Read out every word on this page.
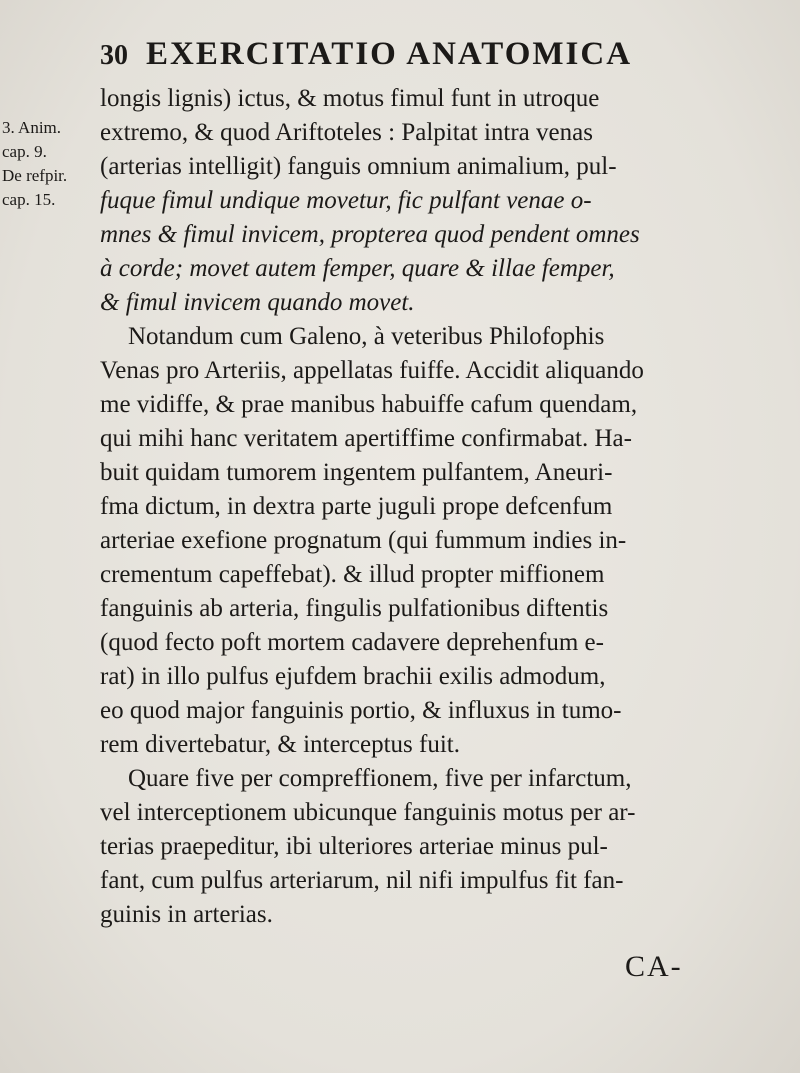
30 EXERCITATIO ANATOMICA
3. Anim.
cap. 9.
De refpir.
cap. 15.
longis lignis) ictus, & motus fimul funt in utroque
extremo, & quod Ariftoteles : Palpitat intra venas
(arterias intelligit) fanguis omnium animalium, pul-
fuque fimul undique movetur, fic pulfant venae o-
mnes & fimul invicem, propterea quod pendent omnes
à corde; movet autem femper, quare & illae femper,
& fimul invicem quando movet.
Notandum cum Galeno, à veteribus Philofophis
Venas pro Arteriis, appellatas fuiffe. Accidit aliquando
me vidiffe, & prae manibus habuiffe cafum quendam,
qui mihi hanc veritatem apertiffime confirmabat. Ha-
buit quidam tumorem ingentem pulfantem, Aneuri-
fma dictum, in dextra parte juguli prope defcenfum
arteriae exefione prognatum (qui fummum indies in-
crementum capeffebat). & illud propter miffionem
fanguinis ab arteria, fingulis pulfationibus diftentis
(quod fecto poft mortem cadavere deprehenfum e-
rat) in illo pulfus ejufdem brachii exilis admodum,
eo quod major fanguinis portio, & influxus in tumo-
rem divertebatur, & interceptus fuit.
Quare five per compreffionem, five per infarctum,
vel interceptionem ubicunque fanguinis motus per ar-
terias praepeditur, ibi ulteriores arteriae minus pul-
fant, cum pulfus arteriarum, nil nifi impulfus fit fan-
guinis in arterias.
CA-
